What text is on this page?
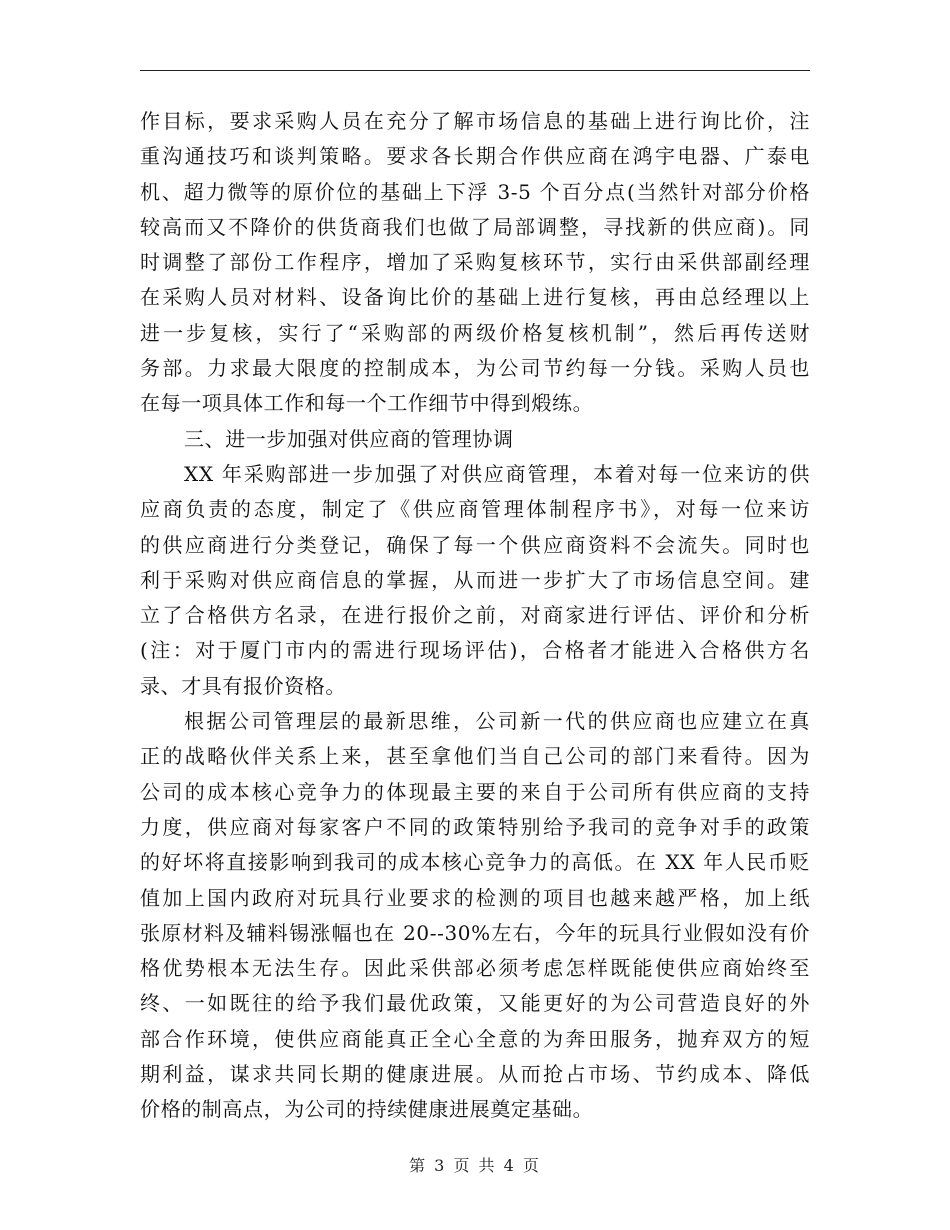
作目标，要求采购人员在充分了解市场信息的基础上进行询比价，注
重沟通技巧和谈判策略。要求各长期合作供应商在鸿宇电器、广泰电
机、超力微等的原价位的基础上下浮 3-5 个百分点(当然针对部分价格
较高而又不降价的供货商我们也做了局部调整，寻找新的供应商)。同
时调整了部份工作程序，增加了采购复核环节，实行由采供部副经理
在采购人员对材料、设备询比价的基础上进行复核，再由总经理以上
进一步复核，实行了“采购部的两级价格复核机制”，然后再传送财
务部。力求最大限度的控制成本，为公司节约每一分钱。采购人员也
在每一项具体工作和每一个工作细节中得到煅练。
三、进一步加强对供应商的管理协调
XX 年采购部进一步加强了对供应商管理，本着对每一位来访的供
应商负责的态度，制定了《供应商管理体制程序书》，对每一位来访
的供应商进行分类登记，确保了每一个供应商资料不会流失。同时也
利于采购对供应商信息的掌握，从而进一步扩大了市场信息空间。建
立了合格供方名录，在进行报价之前，对商家进行评估、评价和分析
(注：对于厦门市内的需进行现场评估)，合格者才能进入合格供方名
录、才具有报价资格。
根据公司管理层的最新思维，公司新一代的供应商也应建立在真
正的战略伙伴关系上来，甚至拿他们当自己公司的部门来看待。因为
公司的成本核心竞争力的体现最主要的来自于公司所有供应商的支持
力度，供应商对每家客户不同的政策特别给予我司的竞争对手的政策
的好坏将直接影响到我司的成本核心竞争力的高低。在 XX 年人民币贬
值加上国内政府对玩具行业要求的检测的项目也越来越严格，加上纸
张原材料及辅料锡涨幅也在 20--30%左右，今年的玩具行业假如没有价
格优势根本无法生存。因此采供部必须考虑怎样既能使供应商始终至
终、一如既往的给予我们最优政策，又能更好的为公司营造良好的外
部合作环境，使供应商能真正全心全意的为奔田服务，抛弃双方的短
期利益，谋求共同长期的健康进展。从而抢占市场、节约成本、降低
价格的制高点，为公司的持续健康进展奠定基础。
第 3 页 共 4 页
